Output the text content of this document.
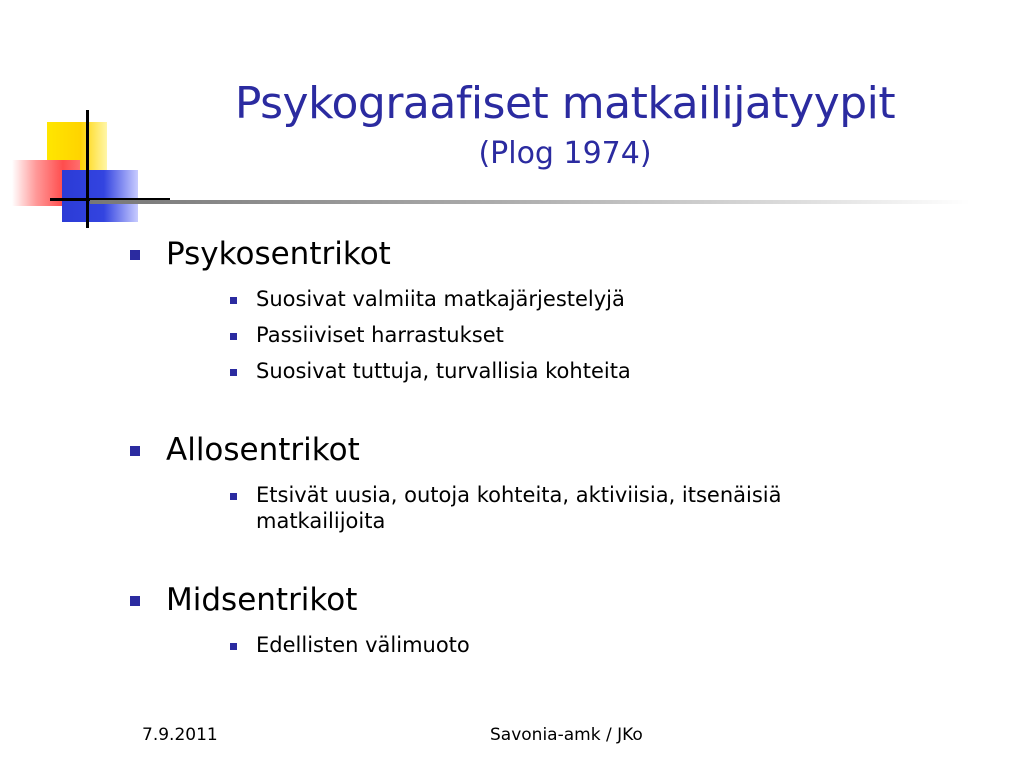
Psykograafiset matkailijatyypit
(Plog 1974)
Psykosentrikot
Suosivat valmiita matkajärjestelyjä
Passiiviset harrastukset
Suosivat tuttuja, turvallisia kohteita
Allosentrikot
Etsivät uusia, outoja kohteita, aktiviisia, itsenäisiä matkailijoita
Midsentrikot
Edellisten välimuoto
7.9.2011	Savonia-amk / JKo
